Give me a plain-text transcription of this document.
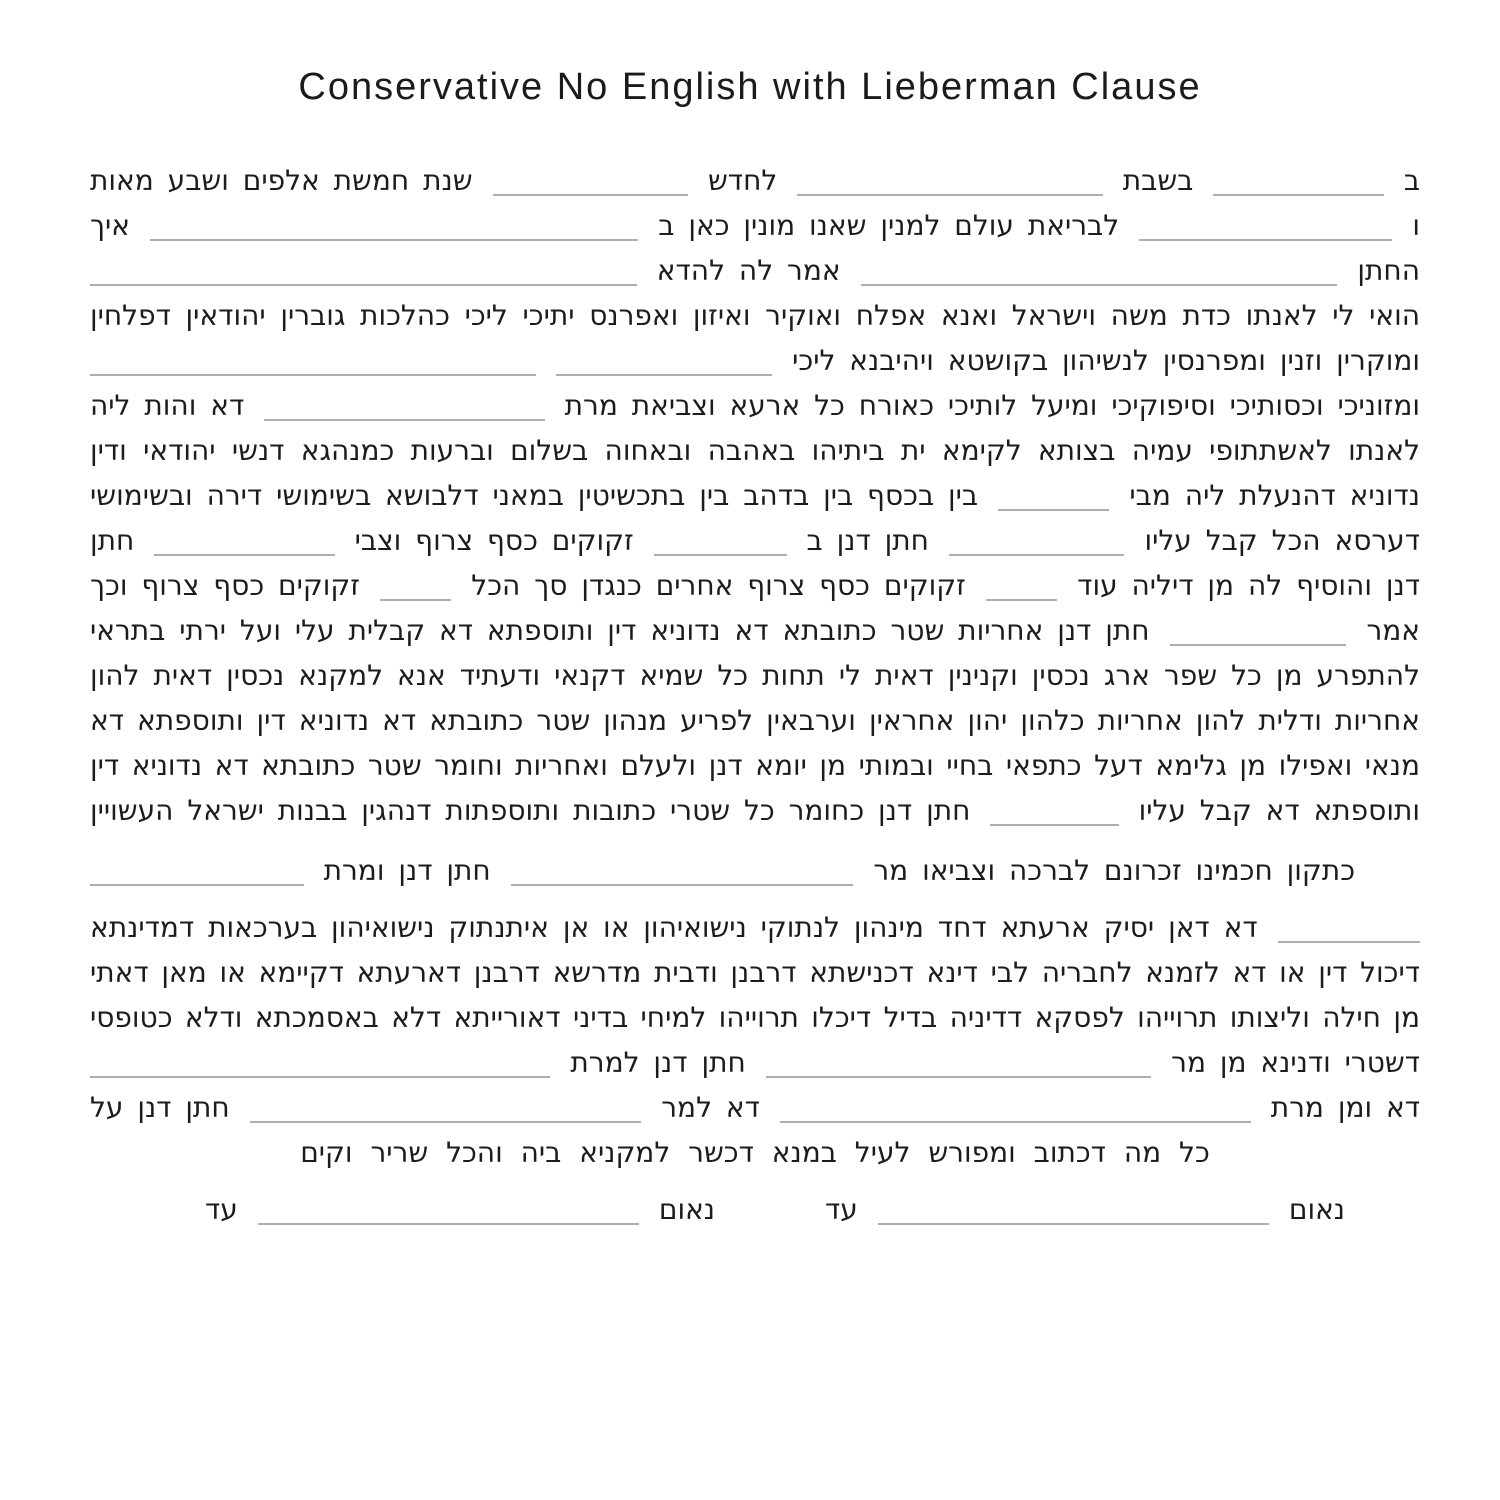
Conservative No English with Lieberman Clause
ב
בשבת
לחדש
שנת חמשת אלפים ושבע מאות
ו
לבריאת עולם למנין שאנו מונין כאן ב
איך
החתן
אמר לה להדא
הואי לי לאנתו כדת משה וישראל ואנא אפלח ואוקיר ואיזון ואפרנס יתיכי ליכי כהלכות גוברין יהודאין דפלחין
ומוקרין וזנין ומפרנסין לנשיהון בקושטא ויהיבנא ליכי
ומזוניכי וכסותיכי וסיפוקיכי ומיעל לותיכי כאורח כל ארעא וצביאת מרת
דא והות ליה
לאנתו לאשתתופי עמיה בצותא לקימא ית ביתיהו באהבה ובאחוה בשלום וברעות כמנהגא דנשי יהודאי ודין
נדוניא דהנעלת ליה מבי
בין בכסף בין בדהב בין בתכשיטין במאני דלבושא בשימושי דירה ובשימושי
דערסא הכל קבל עליו
חתן דנן ב
זקוקים כסף צרוף וצבי
חתן
דנן והוסיף לה מן דיליה עוד
זקוקים כסף צרוף אחרים כנגדן סך הכל
זקוקים כסף צרוף וכך
אמר
חתן דנן אחריות שטר כתובתא דא נדוניא דין ותוספתא דא קבלית עלי ועל ירתי בתראי
להתפרע מן כל שפר ארג נכסין וקנינין דאית לי תחות כל שמיא דקנאי ודעתיד אנא למקנא נכסין דאית להון
אחריות ודלית להון אחריות כלהון יהון אחראין וערבאין לפריע מנהון שטר כתובתא דא נדוניא דין ותוספתא דא
מנאי ואפילו מן גלימא דעל כתפאי בחיי ובמותי מן יומא דנן ולעלם ואחריות וחומר שטר כתובתא דא נדוניא דין
ותוספתא דא קבל עליו
חתן דנן כחומר כל שטרי כתובות ותוספתות דנהגין בבנות ישראל העשויין
כתקון חכמינו זכרונם לברכה וצביאו מר
חתן דנן ומרת
דא דאן יסיק ארעתא דחד מינהון לנתוקי נישואיהון או אן איתנתוק נישואיהון בערכאות דמדינתא
דיכול דין או דא לזמנא לחבריה לבי דינא דכנישתא דרבנן ודבית מדרשא דרבנן דארעתא דקיימא או מאן דאתי
מן חילה וליצותו תרוייהו לפסקא דדיניה בדיל דיכלו תרוייהו למיחי בדיני דאורייתא דלא באסמכתא ודלא כטופסי
דשטרי ודנינא מן מר
חתן דנן למרת
דא ומן מרת
דא למר
חתן דנן על
כל מה דכתוב ומפורש לעיל במנא דכשר למקניא ביה והכל שריר וקים
נאום
עד
נאום
עד
